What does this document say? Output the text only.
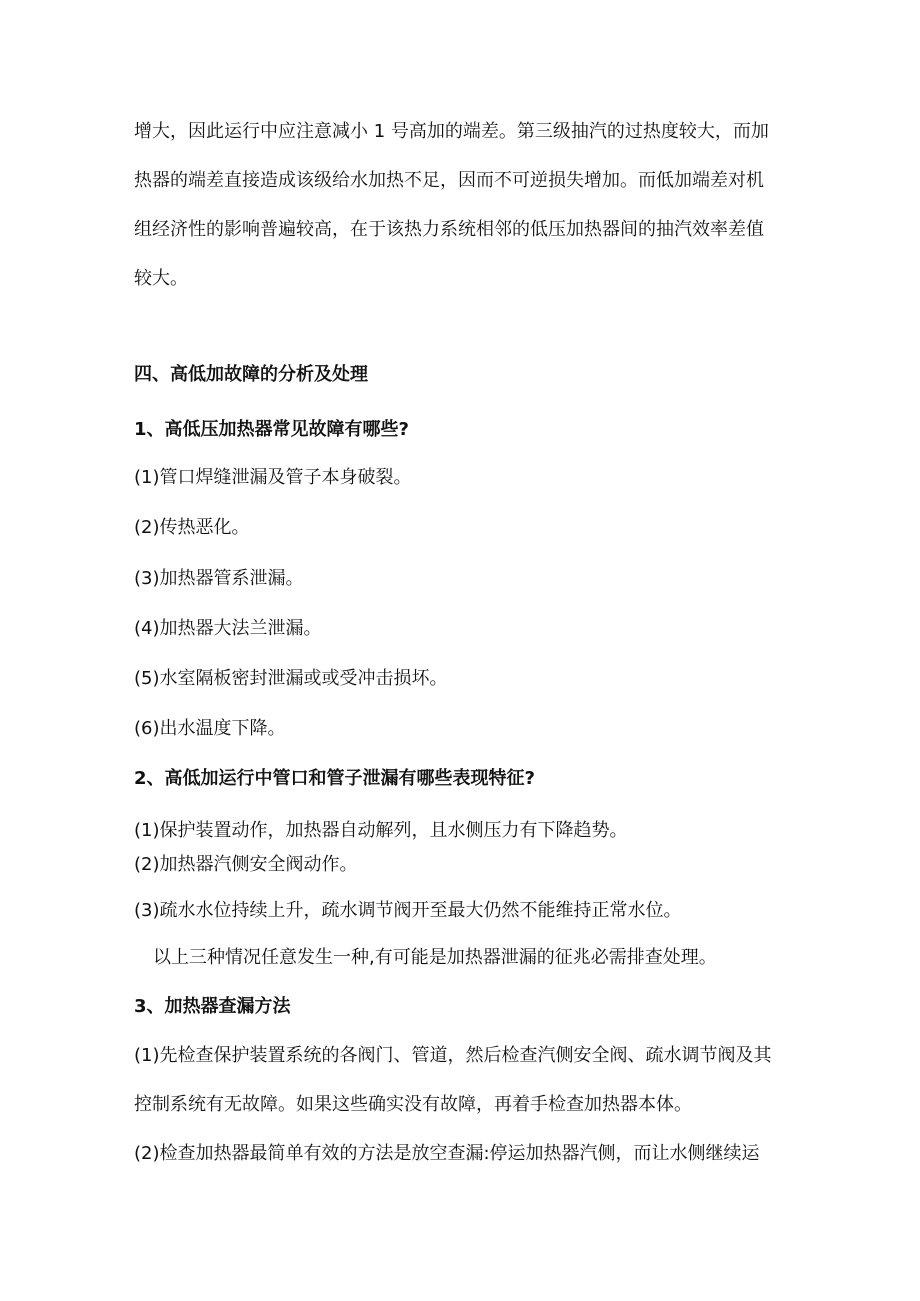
增大，因此运行中应注意减小 1 号高加的端差。第三级抽汽的过热度较大，而加
热器的端差直接造成该级给水加热不足，因而不可逆损失增加。而低加端差对机
组经济性的影响普遍较高，在于该热力系统相邻的低压加热器间的抽汽效率差值
较大。
四、高低加故障的分析及处理
1、高低压加热器常见故障有哪些?
(1)管口焊缝泄漏及管子本身破裂。
(2)传热恶化。
(3)加热器管系泄漏。
(4)加热器大法兰泄漏。
(5)水室隔板密封泄漏或或受冲击损坏。
(6)出水温度下降。
2、高低加运行中管口和管子泄漏有哪些表现特征?
(1)保护装置动作，加热器自动解列，且水侧压力有下降趋势。
(2)加热器汽侧安全阀动作。
(3)疏水水位持续上升，疏水调节阀开至最大仍然不能维持正常水位。
以上三种情况任意发生一种,有可能是加热器泄漏的征兆必需排查处理。
3、加热器查漏方法
(1)先检查保护装置系统的各阀门、管道，然后检查汽侧安全阀、疏水调节阀及其
控制系统有无故障。如果这些确实没有故障，再着手检查加热器本体。
(2)检查加热器最简单有效的方法是放空查漏:停运加热器汽侧，而让水侧继续运
